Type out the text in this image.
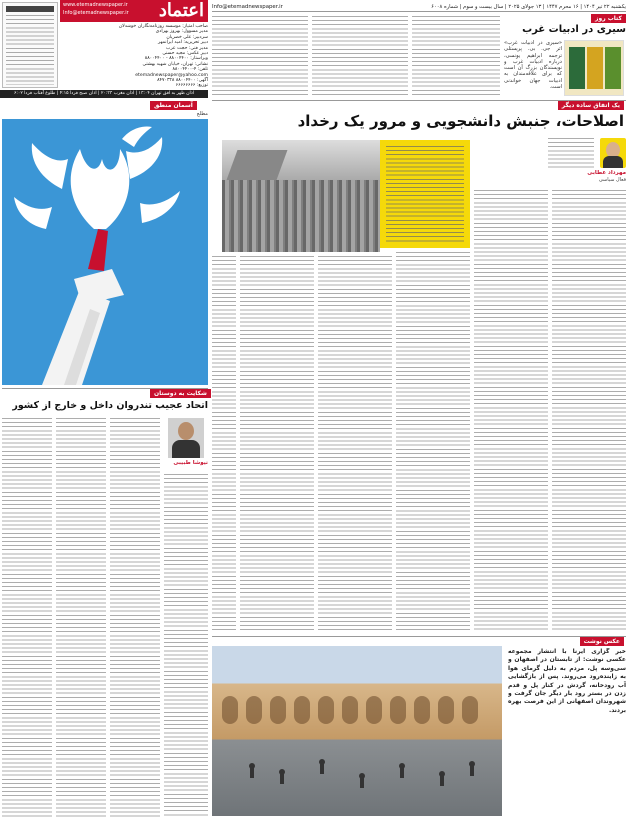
اعتماد
www.etemadnewspaper.ir
Info@etemadnewspaper.ir
صاحب امتیاز: موسسه روزنامه‌نگاران خوشدلان
مدیر مسوول: بهروز بهزادی
سردبیر: علی خضریان
دبیر تحریریه: امید ایرانمهر
مدیر فنی: حجت عرب
دبیر عکس: مجید حسنی
ویراستار: ۸۸۰۰۴۴۰۰ - ۸۸۰۰۴۴۰۰
نشانی: تهران، خیابان شهید بهشتی
تلفن: ۴-۸۸۰۰۴۴۰۰
etemadnewspaper@yahoo.com
آگهی: ۸۸۰۰۴۴۰۰ ۸۴۷۰۳۲۸
توزیع: ۶۶۶۶۶۶۶۶
اذان ظهر به افق تهران ۱۳:۰۴ | اذان مغرب ۲۰:۳۳ | اذان صبح فردا ۴:۱۵ | طلوع آفتاب فردا ۶:۰۲
یکشنبه ۲۲ تیر ۱۴۰۴ | ۱۶ محرم ۱۴۴۷ | ۱۳ جولای ۲۰۲۵ | سال بیست و سوم | شماره ۶۰۰۸
Info@etemadnewspaper.ir
کتاب روز
سیری در ادبیات غرب
«سیری در ادبیات غرب» اثر جی. بی. پریستلی ترجمه ابراهیم یونسی، درباره ادبیات غرب و نویسندگان بزرگ آن است که برای علاقه‌مندان به ادبیات جهان خواندنی است.
آسمان منطق
مطلع
یک اتفاق ساده دیگر
اصلاحات، جنبش دانشجویی و مرور یک رخداد
مهرداد عطابی
فعال سیاسی
شکایت به دوستان
اتحاد عجیب تندروان داخل و خارج از کشور
نیوشا طبیبی
عکس نوشت
خبر گزاری ایرنا با انتشار مجموعه عکسی نوشت: از تابستان در اصفهان و سی‌وسه پل، مردم به دلیل گرمای هوا به زاینده‌رود می‌روند. پس از بازگشایی آب رودخانه، گردش در کنار پل و قدم زدن در بستر رود بار دیگر جان گرفت و شهروندان اصفهانی از این فرصت بهره بردند.
